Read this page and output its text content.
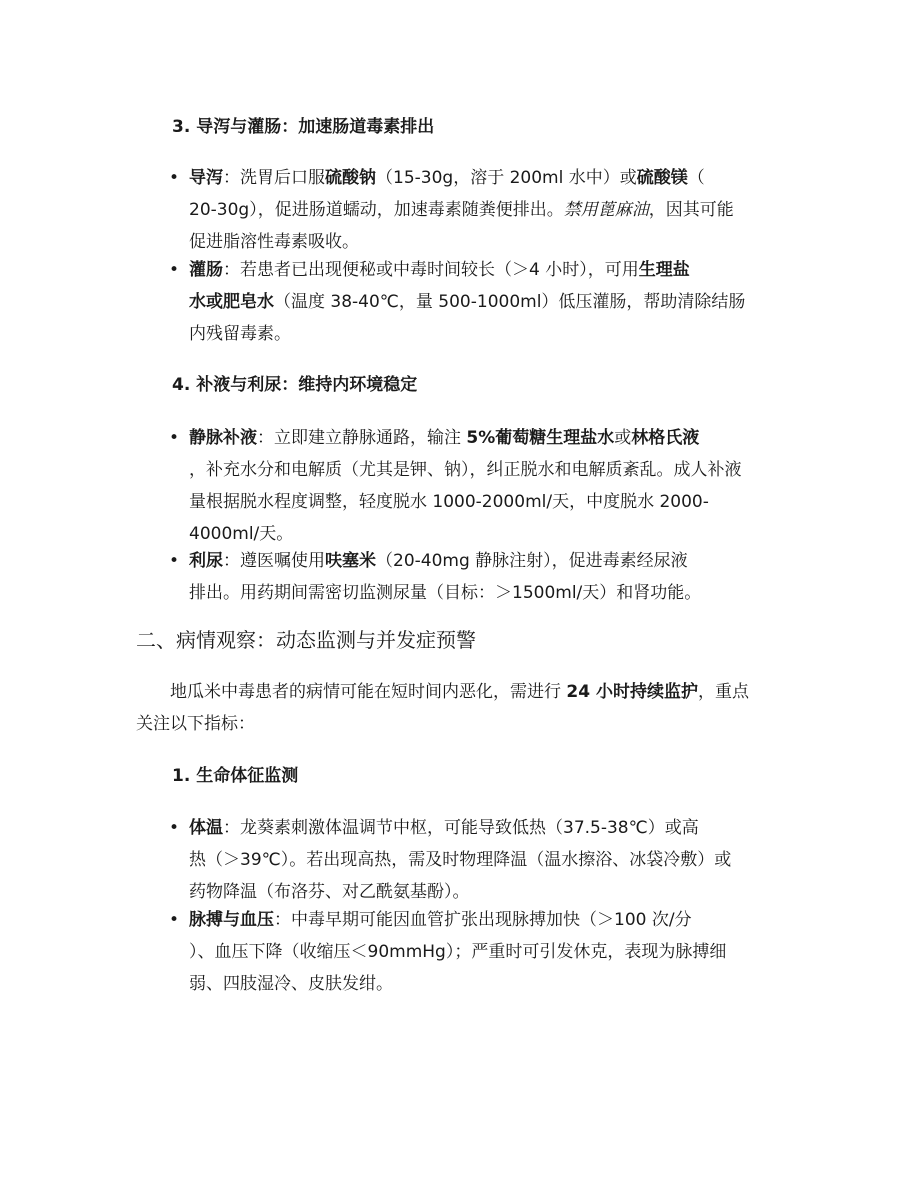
3. 导泻与灌肠：加速肠道毒素排出
• 导泻：洗胃后口服硫酸钠（15-30g，溶于 200ml 水中）或硫酸镁（
20-30g），促进肠道蠕动，加速毒素随粪便排出。禁用蓖麻油，因其可能
促进脂溶性毒素吸收。
• 灌肠：若患者已出现便秘或中毒时间较长（＞4 小时），可用生理盐
水或肥皂水（温度 38-40℃，量 500-1000ml）低压灌肠，帮助清除结肠
内残留毒素。
4. 补液与利尿：维持内环境稳定
• 静脉补液：立即建立静脉通路，输注 5%葡萄糖生理盐水或林格氏液
，补充水分和电解质（尤其是钾、钠），纠正脱水和电解质紊乱。成人补液
量根据脱水程度调整，轻度脱水 1000-2000ml/天，中度脱水 2000-
4000ml/天。
• 利尿：遵医嘱使用呋塞米（20-40mg 静脉注射），促进毒素经尿液
排出。用药期间需密切监测尿量（目标：＞1500ml/天）和肾功能。
二、病情观察：动态监测与并发症预警

地瓜米中毒患者的病情可能在短时间内恶化，需进行 24 小时持续监护，重点
关注以下指标：

1. 生命体征监测
• 体温：龙葵素刺激体温调节中枢，可能导致低热（37.5-38℃）或高
热（＞39℃）。若出现高热，需及时物理降温（温水擦浴、冰袋冷敷）或
药物降温（布洛芬、对乙酰氨基酚）。
• 脉搏与血压：中毒早期可能因血管扩张出现脉搏加快（＞100 次/分
）、血压下降（收缩压＜90mmHg）；严重时可引发休克，表现为脉搏细
弱、四肢湿冷、皮肤发绀。
